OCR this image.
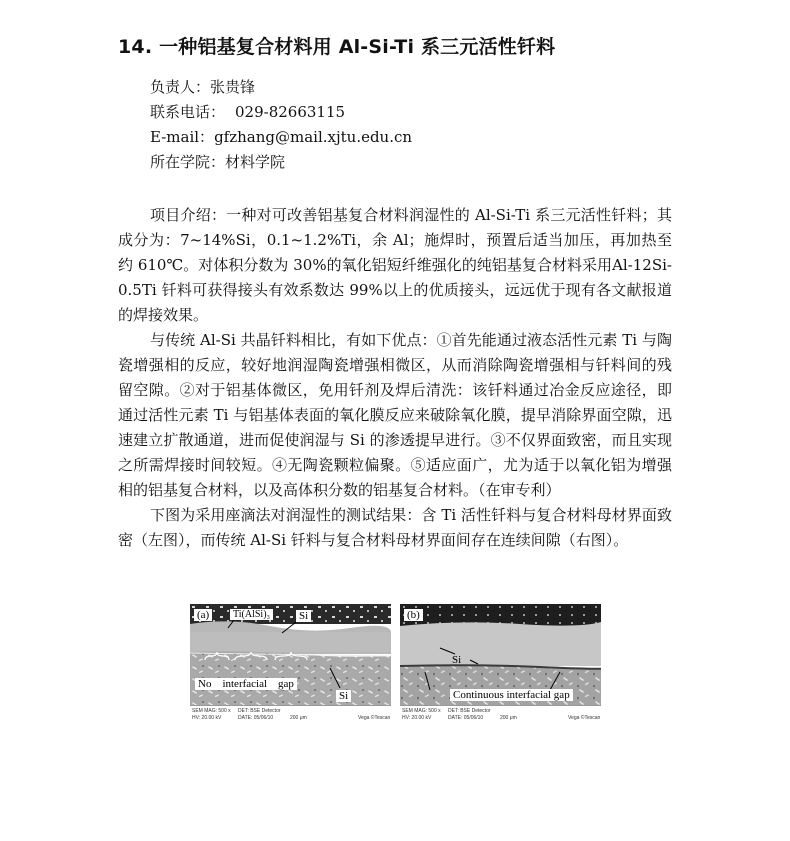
14. 一种铝基复合材料用 Al-Si-Ti 系三元活性钎料
负责人：张贵锋
联系电话： 029-82663115
E-mail：gfzhang@mail.xjtu.edu.cn
所在学院：材料学院

项目介绍：一种对可改善铝基复合材料润湿性的 Al-Si-Ti 系三元活性钎料；其成分为：7~14%Si，0.1~1.2%Ti，余 Al；施焊时，预置后适当加压，再加热至约 610℃。对体积分数为 30%的氧化铝短纤维强化的纯铝基复合材料采用Al-12Si-0.5Ti 钎料可获得接头有效系数达 99%以上的优质接头，远远优于现有各文献报道的焊接效果。

与传统 Al-Si 共晶钎料相比，有如下优点：①首先能通过液态活性元素 Ti 与陶瓷增强相的反应，较好地润湿陶瓷增强相微区，从而消除陶瓷增强相与钎料间的残留空隙。②对于铝基体微区，免用钎剂及焊后清洗：该钎料通过冶金反应途径，即通过活性元素 Ti 与铝基体表面的氧化膜反应来破除氧化膜，提早消除界面空隙，迅速建立扩散通道，进而促使润湿与 Si 的渗透提早进行。③不仅界面致密，而且实现之所需焊接时间较短。④无陶瓷颗粒偏聚。⑤适应面广，尤为适于以氧化铝为增强相的铝基复合材料，以及高体积分数的铝基复合材料。（在审专利）

下图为采用座滴法对润湿性的测试结果：含 Ti 活性钎料与复合材料母材界面致密（左图），而传统 Al-Si 钎料与复合材料母材界面间存在连续间隙（右图）。

(a)	Ti(AlSi)₃	Si
No    interfacial    gap
Si
SEM MAG: 500 x
HV: 20.00 kV
DET: BSE Detector
DATE: 05/06/10	200 μm	Vega ©Tescan
(b)
Si
Continuous interfacial gap
SEM MAG: 500 x
HV: 20.00 kV
DET: BSE Detector
DATE: 05/06/10	200 μm	Vega ©Tescan
